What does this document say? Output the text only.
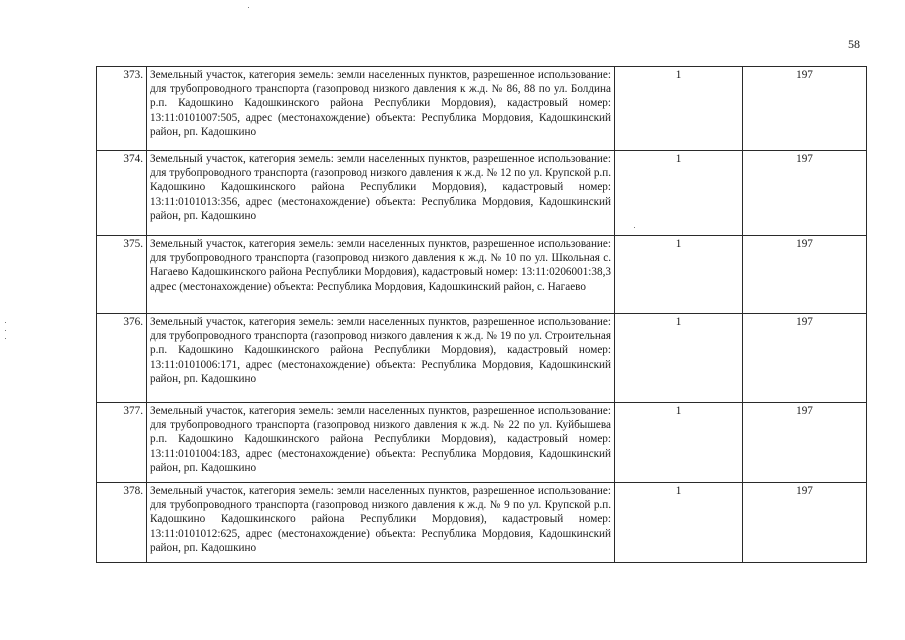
58
373.	Земельный участок, категория земель: земли населенных пунктов, разрешенное использование: для трубопроводного транспорта (газопровод низкого давления к ж.д. № 86, 88 по ул. Болдина р.п. Кадошкино Кадошкинского района Республики Мордовия), кадастровый номер: 13:11:0101007:505, адрес (местонахождение) объекта: Республика Мордовия, Кадошкинский район, рп. Кадошкино	1	197
374.	Земельный участок, категория земель: земли населенных пунктов, разрешенное использование: для трубопроводного транспорта (газопровод низкого давления к ж.д. № 12 по ул. Крупской р.п. Кадошкино Кадошкинского района Республики Мордовия), кадастровый номер: 13:11:0101013:356, адрес (местонахождение) объекта: Республика Мордовия, Кадошкинский район, рп. Кадошкино	1	197
375.	Земельный участок, категория земель: земли населенных пунктов, разрешенное использование: для трубопроводного транспорта (газопровод низкого давления к ж.д. № 10 по ул. Школьная с. Нагаево Кадошкинского района Республики Мордовия), кадастровый номер: 13:11:0206001:38,3 адрес (местонахождение) объекта: Республика Мордовия, Кадошкинский район, с. Нагаево	1	197
376.	Земельный участок, категория земель: земли населенных пунктов, разрешенное использование: для трубопроводного транспорта (газопровод низкого давления к ж.д. № 19 по ул. Строительная р.п. Кадошкино Кадошкинского района Республики Мордовия), кадастровый номер: 13:11:0101006:171, адрес (местонахождение) объекта: Республика Мордовия, Кадошкинский район, рп. Кадошкино	1	197
377.	Земельный участок, категория земель: земли населенных пунктов, разрешенное использование: для трубопроводного транспорта (газопровод низкого давления к ж.д. № 22 по ул. Куйбышева р.п. Кадошкино Кадошкинского района Республики Мордовия), кадастровый номер: 13:11:0101004:183, адрес (местонахождение) объекта: Республика Мордовия, Кадошкинский район, рп. Кадошкино	1	197
378.	Земельный участок, категория земель: земли населенных пунктов, разрешенное использование: для трубопроводного транспорта (газопровод низкого давления к ж.д. № 9 по ул. Крупской р.п. Кадошкино Кадошкинского района Республики Мордовия), кадастровый номер: 13:11:0101012:625, адрес (местонахождение) объекта: Республика Мордовия, Кадошкинский район, рп. Кадошкино	1	197
